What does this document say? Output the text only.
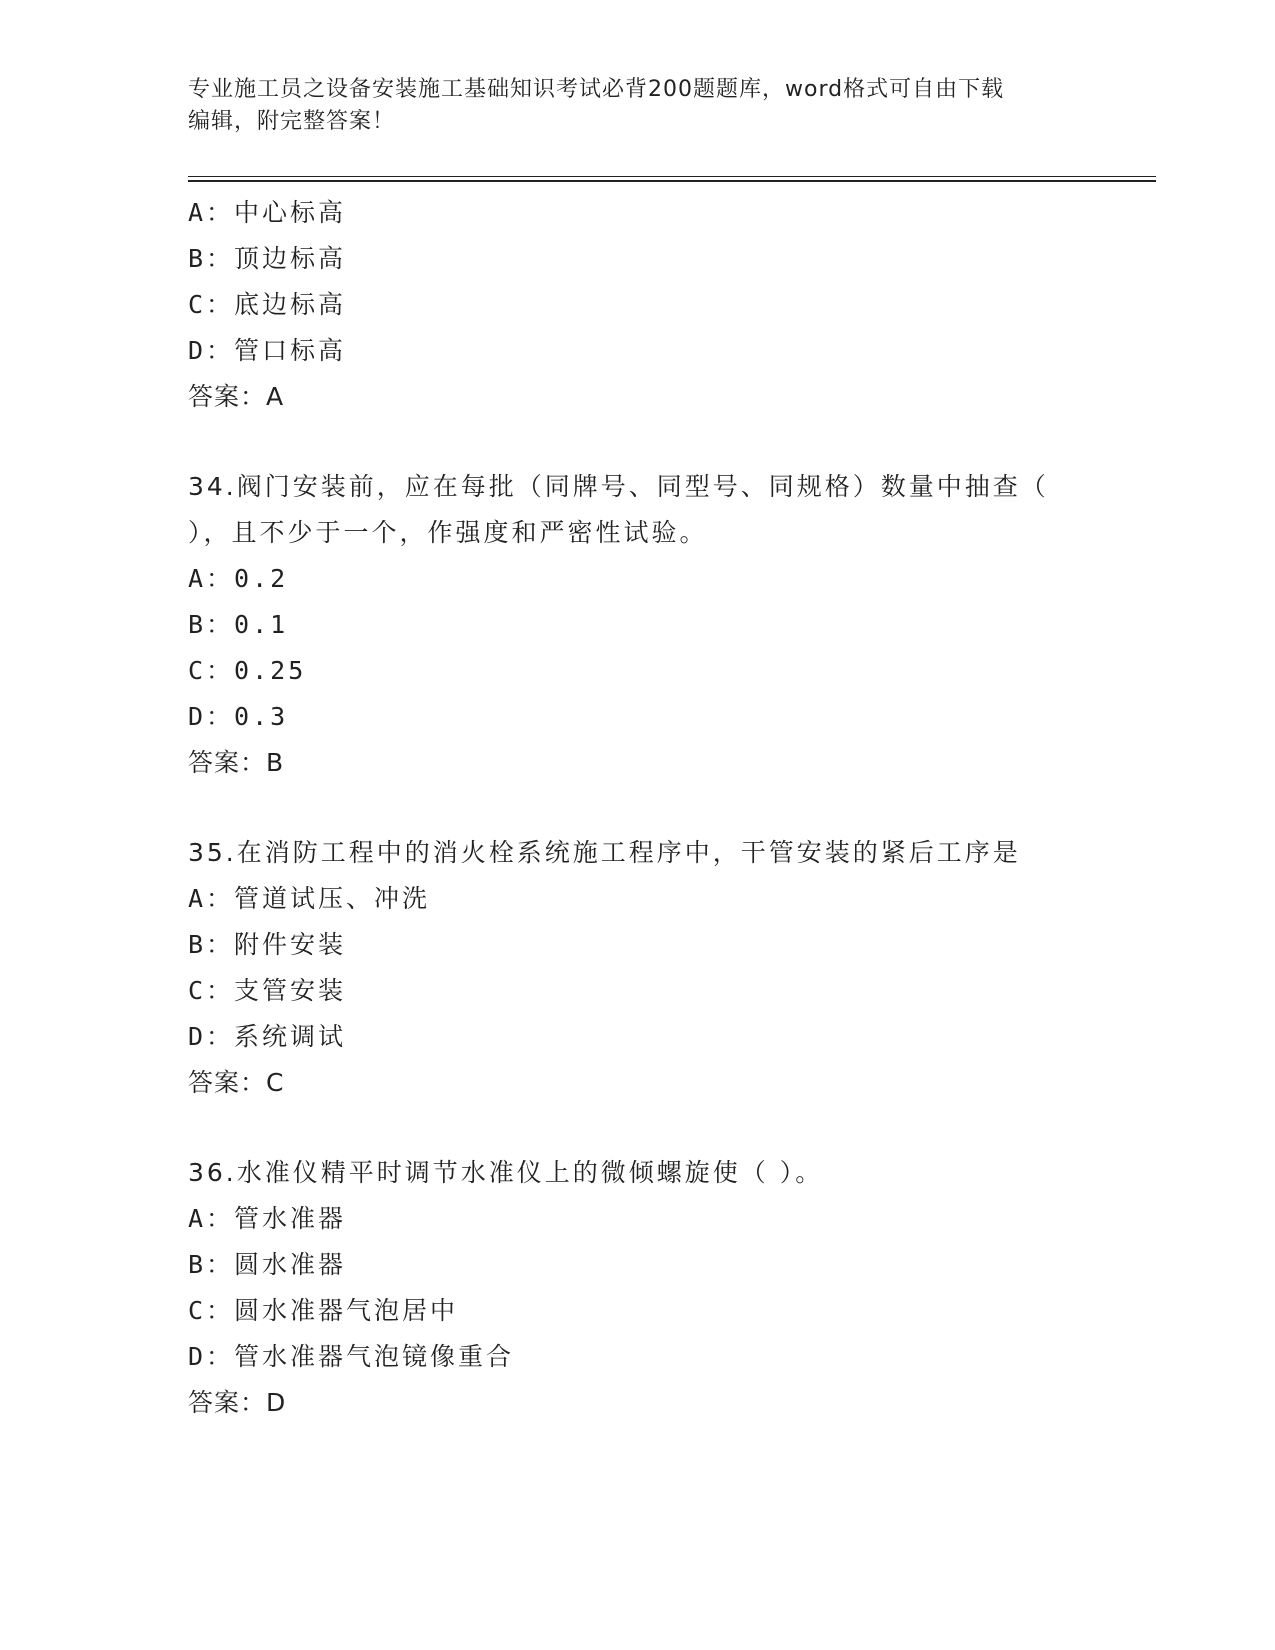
专业施工员之设备安装施工基础知识考试必背200题题库，word格式可自由下载
编辑，附完整答案！
A：中心标高
B：顶边标高
C：底边标高
D：管口标高
答案：A
34.阀门安装前，应在每批（同牌号、同型号、同规格）数量中抽查（
），且不少于一个，作强度和严密性试验。
A：0.2
B：0.1
C：0.25
D：0.3
答案：B
35.在消防工程中的消火栓系统施工程序中，干管安装的紧后工序是
A：管道试压、冲洗
B：附件安装
C：支管安装
D：系统调试
答案：C
36.水准仪精平时调节水准仪上的微倾螺旋使（ ）。
A：管水准器
B：圆水准器
C：圆水准器气泡居中
D：管水准器气泡镜像重合
答案：D
